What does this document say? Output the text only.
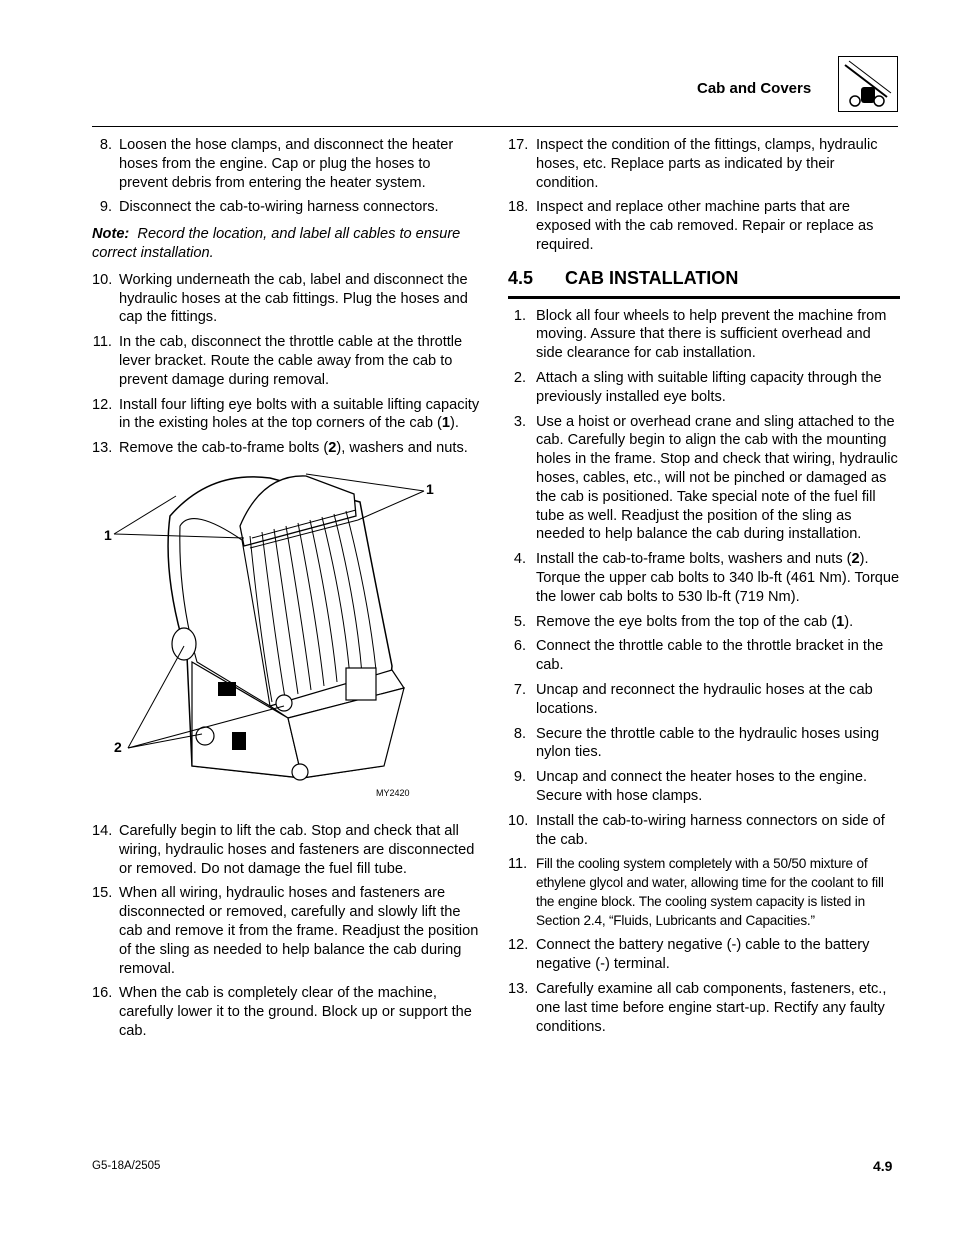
Cab and Covers
8. Loosen the hose clamps, and disconnect the heater hoses from the engine. Cap or plug the hoses to prevent debris from entering the heater system.
9. Disconnect the cab-to-wiring harness connectors.
Note: Record the location, and label all cables to ensure correct installation.
10. Working underneath the cab, label and disconnect the hydraulic hoses at the cab fittings. Plug the hoses and cap the fittings.
11. In the cab, disconnect the throttle cable at the throttle lever bracket. Route the cable away from the cab to prevent damage during removal.
12. Install four lifting eye bolts with a suitable lifting capacity in the existing holes at the top corners of the cab (1).
13. Remove the cab-to-frame bolts (2), washers and nuts.
1
1
2
MY2420
14. Carefully begin to lift the cab. Stop and check that all wiring, hydraulic hoses and fasteners are disconnected or removed. Do not damage the fuel fill tube.
15. When all wiring, hydraulic hoses and fasteners are disconnected or removed, carefully and slowly lift the cab and remove it from the frame. Readjust the position of the sling as needed to help balance the cab during removal.
16. When the cab is completely clear of the machine, carefully lower it to the ground. Block up or support the cab.
17. Inspect the condition of the fittings, clamps, hydraulic hoses, etc. Replace parts as indicated by their condition.
18. Inspect and replace other machine parts that are exposed with the cab removed. Repair or replace as required.
4.5 CAB INSTALLATION
1. Block all four wheels to help prevent the machine from moving. Assure that there is sufficient overhead and side clearance for cab installation.
2. Attach a sling with suitable lifting capacity through the previously installed eye bolts.
3. Use a hoist or overhead crane and sling attached to the cab. Carefully begin to align the cab with the mounting holes in the frame. Stop and check that wiring, hydraulic hoses, cables, etc., will not be pinched or damaged as the cab is positioned. Take special note of the fuel fill tube as well. Readjust the position of the sling as needed to help balance the cab during installation.
4. Install the cab-to-frame bolts, washers and nuts (2). Torque the upper cab bolts to 340 lb-ft (461 Nm). Torque the lower cab bolts to 530 lb-ft (719 Nm).
5. Remove the eye bolts from the top of the cab (1).
6. Connect the throttle cable to the throttle bracket in the cab.
7. Uncap and reconnect the hydraulic hoses at the cab locations.
8. Secure the throttle cable to the hydraulic hoses using nylon ties.
9. Uncap and connect the heater hoses to the engine. Secure with hose clamps.
10. Install the cab-to-wiring harness connectors on side of the cab.
11. Fill the cooling system completely with a 50/50 mixture of ethylene glycol and water, allowing time for the coolant to fill the engine block. The cooling system capacity is listed in Section 2.4, “Fluids, Lubricants and Capacities.”
12. Connect the battery negative (-) cable to the battery negative (-) terminal.
13. Carefully examine all cab components, fasteners, etc., one last time before engine start-up. Rectify any faulty conditions.
G5-18A/2505	4.9
